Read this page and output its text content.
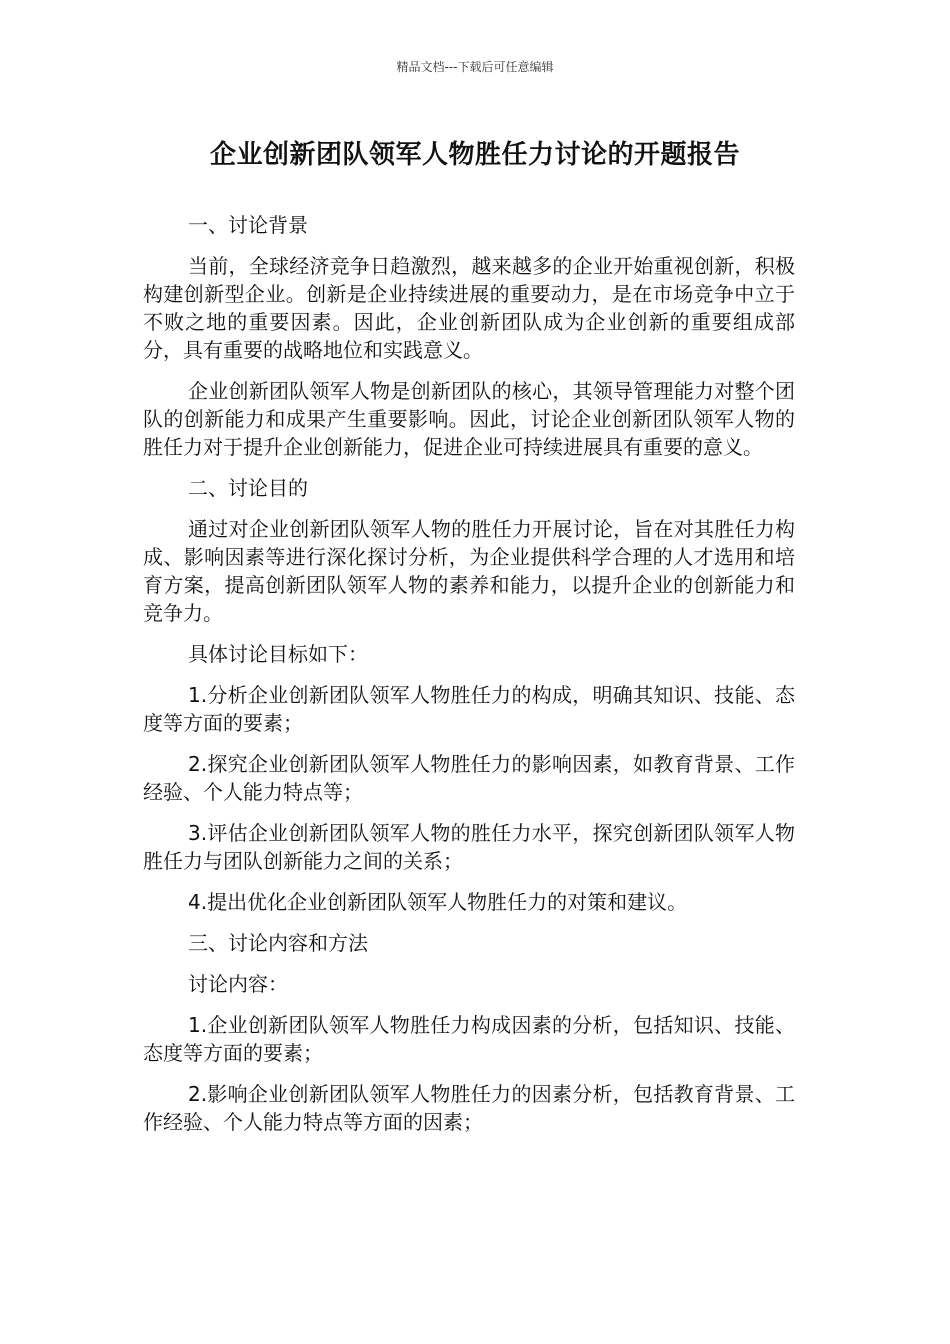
精品文档---下载后可任意编辑
企业创新团队领军人物胜任力讨论的开题报告

一、讨论背景

当前，全球经济竞争日趋激烈，越来越多的企业开始重视创新，积极构建创新型企业。创新是企业持续进展的重要动力，是在市场竞争中立于不败之地的重要因素。因此，企业创新团队成为企业创新的重要组成部分，具有重要的战略地位和实践意义。

企业创新团队领军人物是创新团队的核心，其领导管理能力对整个团队的创新能力和成果产生重要影响。因此，讨论企业创新团队领军人物的胜任力对于提升企业创新能力，促进企业可持续进展具有重要的意义。

二、讨论目的

通过对企业创新团队领军人物的胜任力开展讨论，旨在对其胜任力构成、影响因素等进行深化探讨分析，为企业提供科学合理的人才选用和培育方案，提高创新团队领军人物的素养和能力，以提升企业的创新能力和竞争力。

具体讨论目标如下：

1.分析企业创新团队领军人物胜任力的构成，明确其知识、技能、态度等方面的要素；

2.探究企业创新团队领军人物胜任力的影响因素，如教育背景、工作经验、个人能力特点等；

3.评估企业创新团队领军人物的胜任力水平，探究创新团队领军人物胜任力与团队创新能力之间的关系；

4.提出优化企业创新团队领军人物胜任力的对策和建议。

三、讨论内容和方法

讨论内容：

1.企业创新团队领军人物胜任力构成因素的分析，包括知识、技能、态度等方面的要素；

2.影响企业创新团队领军人物胜任力的因素分析，包括教育背景、工作经验、个人能力特点等方面的因素；
